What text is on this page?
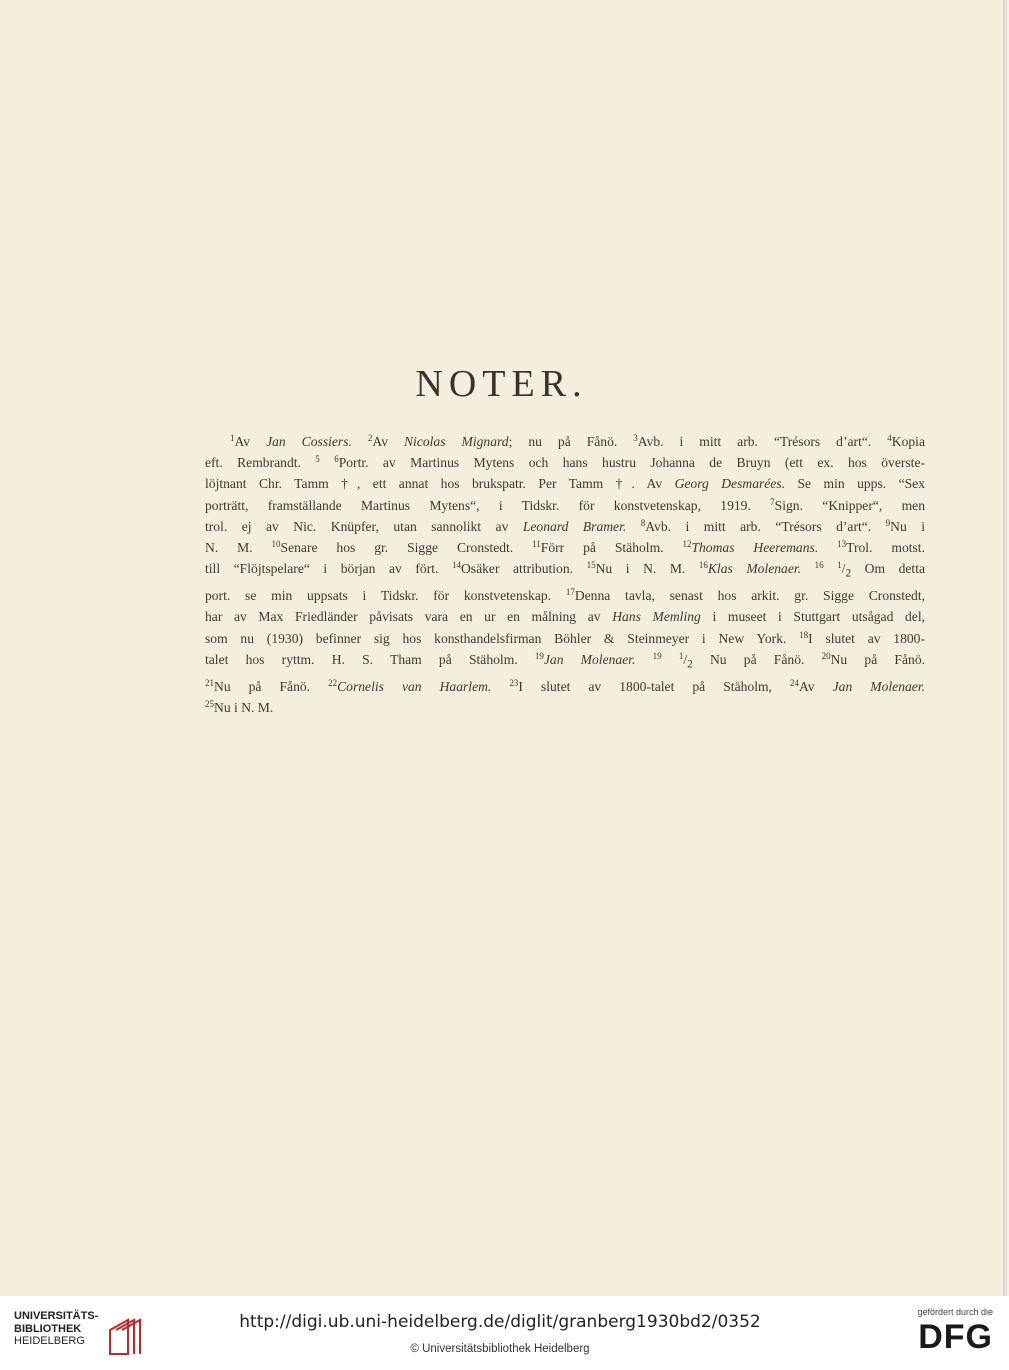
NOTER.
$^1$Av Jan Cossiers. $^2$Av Nicolas Mignard; nu på Fånö. $^3$Avb. i mitt arb. “Trésors d’art“. $^4$Kopia
eft. Rembrandt. $^5$ $^6$Portr. av Martinus Mytens och hans hustru Johanna de Bruyn (ett ex. hos överste-
löjtnant Chr. Tamm †, ett annat hos brukspatr. Per Tamm †. Av Georg Desmarées. Se min upps. “Sex
porträtt, framställande Martinus Mytens“, i Tidskr. för konstvetenskap, 1919. $^7$Sign. “Knipper“, men
trol. ej av Nic. Knüpfer, utan sannolikt av Leonard Bramer. $^8$Avb. i mitt arb. “Trésors d’art“. $^9$Nu i
N. M. $^{10}$Senare hos gr. Sigge Cronstedt. $^{11}$Förr på Stäholm. $^{12}$Thomas Heeremans. $^{13}$Trol. motst.
till “Flöjtspelare“ i början av fört. $^{14}$Osäker attribution. $^{15}$Nu i N. M. $^{16}$Klas Molenaer. $^{16}$ $^1/_2$ Om detta
port. se min uppsats i Tidskr. för konstvetenskap. $^{17}$Denna tavla, senast hos arkit. gr. Sigge Cronstedt,
har av Max Friedländer påvisats vara en ur en målning av Hans Memling i museet i Stuttgart utsågad del,
som nu (1930) befinner sig hos konsthandelsfirman Böhler & Steinmeyer i New York. $^{18}$I slutet av 1800-
talet hos ryttm. H. S. Tham på Stäholm. $^{19}$Jan Molenaer. $^{19}$ $^1/_2$ Nu på Fånö. $^{20}$Nu på Fånö.
$^{21}$Nu på Fånö. $^{22}$Cornelis van Haarlem. $^{23}$I slutet av 1800-talet på Stäholm, $^{24}$Av Jan Molenaer.
$^{25}$Nu i N. M.
UNIVERSITÄTS-
BIBLIOTHEK
HEIDELBERG
http://digi.ub.uni-heidelberg.de/diglit/granberg1930bd2/0352
© Universitätsbibliothek Heidelberg
gefördert durch die
DFG
